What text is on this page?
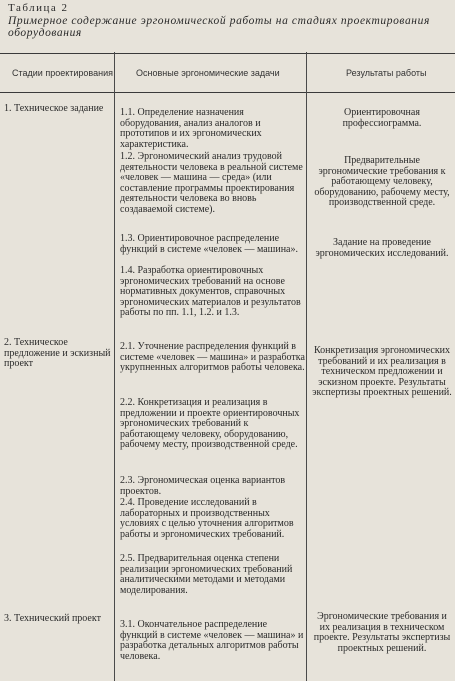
Таблица 2
Примерное содержание эргономической работы на стадиях проектирования оборудования
Стадии проектирования	Основные эргономические задачи	Результаты работы
1. Техническое задание
2. Техническое предложение и эскизный проект
3. Технический проект
1.1. Определение назначения оборудования, анализ аналогов и прототипов и их эргономических характеристика.
1.2. Эргономический анализ трудовой деятельности человека в реальной системе «человек — машина — среда» (или составление программы проектирования деятельности человека во вновь создаваемой системе).
1.3. Ориентировочное распределение функций в системе «человек — машина».
1.4. Разработка ориентировочных эргономических требований на основе нормативных документов, справочных эргономических материалов и результатов работы по пп. 1.1, 1.2. и 1.3.
2.1. Уточнение распределения функций в системе «человек — машина» и разработка укрупненных алгоритмов работы человека.
2.2. Конкретизация и реализация в предложении и проекте ориентировочных эргономических требований к работающему человеку, оборудованию, рабочему месту, производственной среде.
2.3. Эргономическая оценка вариантов проектов.
2.4. Проведение исследований в лабораторных и производственных условиях с целью уточнения алгоритмов работы и эргономических требований.
2.5. Предварительная оценка степени реализации эргономических требований аналитическими методами и методами моделирования.
3.1. Окончательное распределение функций в системе «человек — машина» и разработка детальных алгоритмов работы человека.
Ориентировочная профессиограмма.
Предварительные эргономические требования к работающему человеку, оборудованию, рабочему месту, производственной среде.
Задание на проведение эргономических исследований.
Конкретизация эргономических требований и их реализация в техническом предложении и эскизном проекте. Результаты экспертизы проектных решений.
Эргономические требования и их реализация в техническом проекте. Результаты экспертизы проектных решений.
